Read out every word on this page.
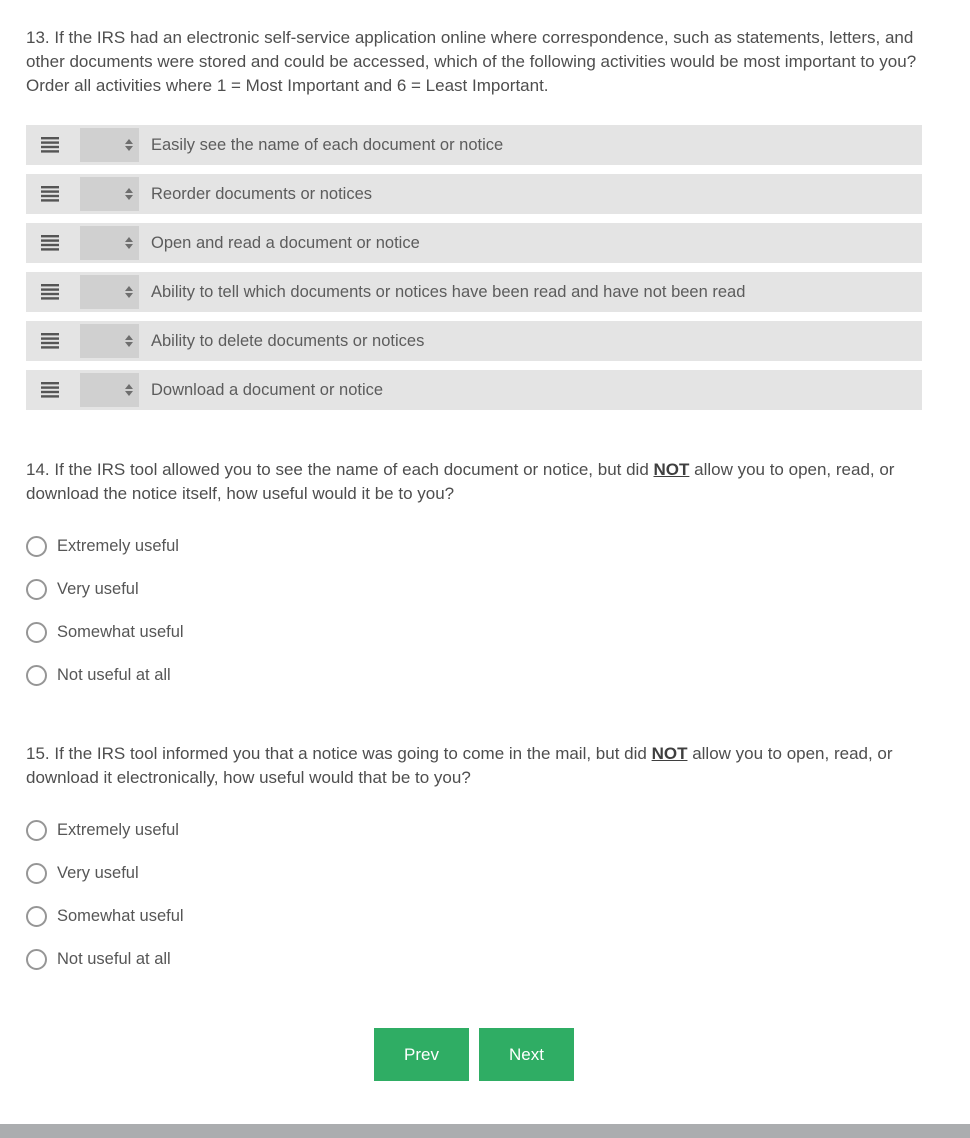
13. If the IRS had an electronic self-service application online where correspondence, such as statements, letters, and other documents were stored and could be accessed, which of the following activities would be most important to you? Order all activities where 1 = Most Important and 6 = Least Important.

Easily see the name of each document or notice
Reorder documents or notices
Open and read a document or notice
Ability to tell which documents or notices have been read and have not been read
Ability to delete documents or notices
Download a document or notice

14. If the IRS tool allowed you to see the name of each document or notice, but did NOT allow you to open, read, or download the notice itself, how useful would it be to you?

Extremely useful
Very useful
Somewhat useful
Not useful at all

15. If the IRS tool informed you that a notice was going to come in the mail, but did NOT allow you to open, read, or download it electronically, how useful would that be to you?

Extremely useful
Very useful
Somewhat useful
Not useful at all
Prev	Next
